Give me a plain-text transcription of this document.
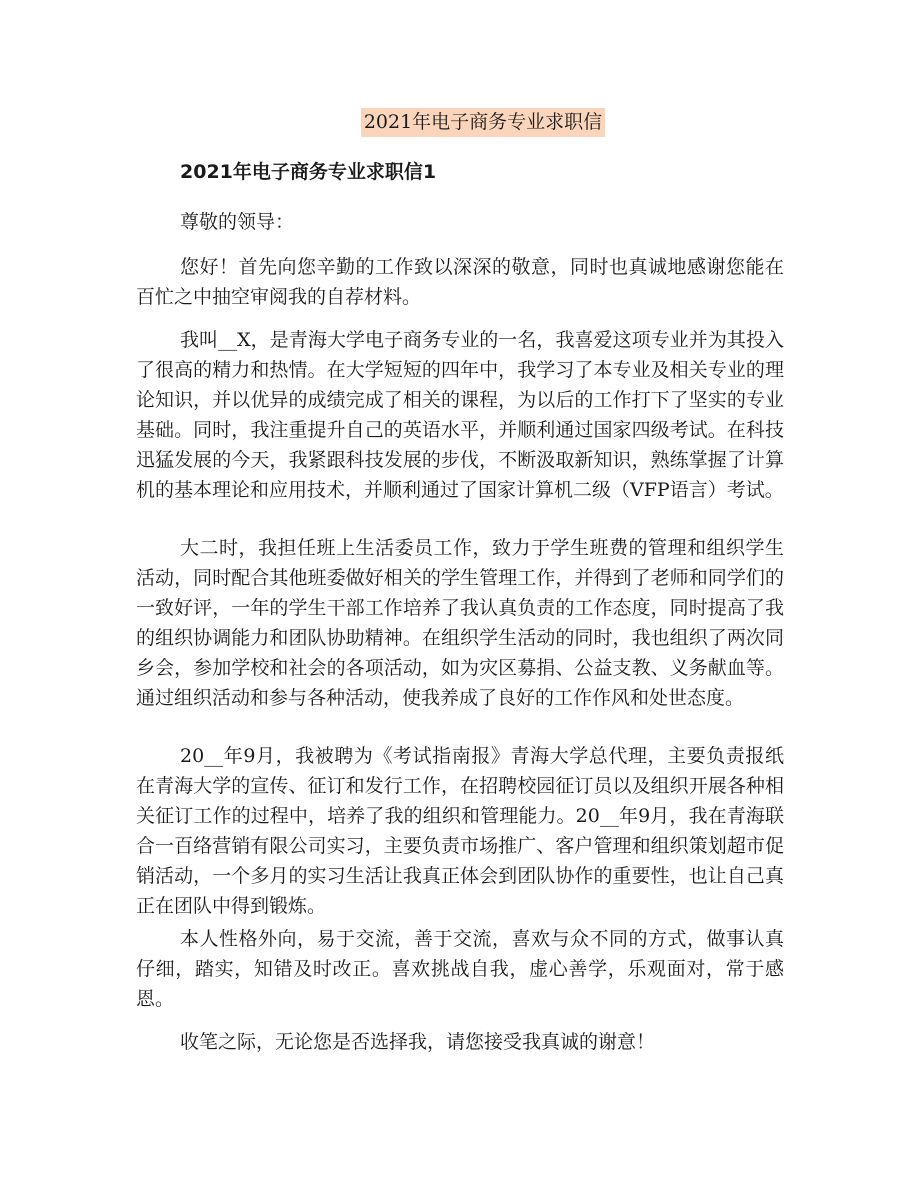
2021年电子商务专业求职信
2021年电子商务专业求职信1

尊敬的领导：

您好！首先向您辛勤的工作致以深深的敬意，同时也真诚地感谢您能在百忙之中抽空审阅我的自荐材料。

我叫__X，是青海大学电子商务专业的一名，我喜爱这项专业并为其投入了很高的精力和热情。在大学短短的四年中，我学习了本专业及相关专业的理论知识，并以优异的成绩完成了相关的课程，为以后的工作打下了坚实的专业基础。同时，我注重提升自己的英语水平，并顺利通过国家四级考试。在科技迅猛发展的今天，我紧跟科技发展的步伐，不断汲取新知识，熟练掌握了计算机的基本理论和应用技术，并顺利通过了国家计算机二级（VFP语言）考试。

大二时，我担任班上生活委员工作，致力于学生班费的管理和组织学生活动，同时配合其他班委做好相关的学生管理工作，并得到了老师和同学们的一致好评，一年的学生干部工作培养了我认真负责的工作态度，同时提高了我的组织协调能力和团队协助精神。在组织学生活动的同时，我也组织了两次同乡会，参加学校和社会的各项活动，如为灾区募捐、公益支教、义务献血等。通过组织活动和参与各种活动，使我养成了良好的工作作风和处世态度。

20__年9月，我被聘为《考试指南报》青海大学总代理，主要负责报纸在青海大学的宣传、征订和发行工作，在招聘校园征订员以及组织开展各种相关征订工作的过程中，培养了我的组织和管理能力。20__年9月，我在青海联合一百络营销有限公司实习，主要负责市场推广、客户管理和组织策划超市促销活动，一个多月的实习生活让我真正体会到团队协作的重要性，也让自己真正在团队中得到锻炼。

本人性格外向，易于交流，善于交流，喜欢与众不同的方式，做事认真仔细，踏实，知错及时改正。喜欢挑战自我，虚心善学，乐观面对，常于感恩。

收笔之际，无论您是否选择我，请您接受我真诚的谢意！
